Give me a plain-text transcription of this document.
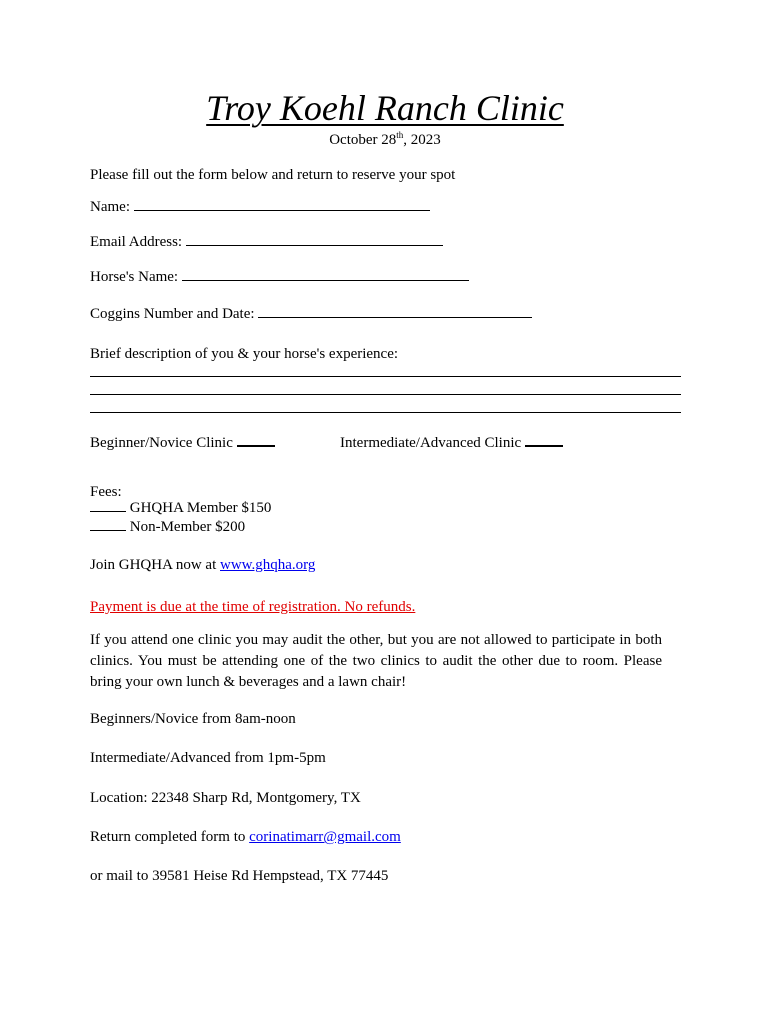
Troy Koehl Ranch Clinic
October 28th, 2023
Please fill out the form below and return to reserve your spot
Name:
Email Address:
Horse's Name:
Coggins Number and Date:
Brief description of you & your horse's experience:
Beginner/Novice Clinic	Intermediate/Advanced Clinic
Fees:
GHQHA Member $150
Non-Member $200
Join GHQHA now at www.ghqha.org
Payment is due at the time of registration. No refunds.
If you attend one clinic you may audit the other, but you are not allowed to participate in both clinics. You must be attending one of the two clinics to audit the other due to room. Please bring your own lunch & beverages and a lawn chair!
Beginners/Novice from 8am-noon
Intermediate/Advanced from 1pm-5pm
Location: 22348 Sharp Rd, Montgomery, TX
Return completed form to corinatimarr@gmail.com
or mail to 39581 Heise Rd Hempstead, TX 77445
